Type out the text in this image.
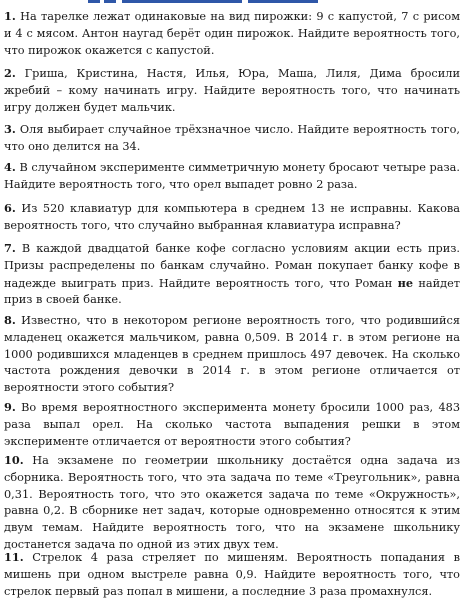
1. На тарелке лежат одинаковые на вид пирожки: 9 с капустой, 7 с рисом и 4 с мясом. Антон наугад берёт один пирожок. Найдите вероятность того, что пирожок окажется с капустой.
2. Гриша, Кристина, Настя, Илья, Юра, Маша, Лиля, Дима бросили жребий – кому начинать игру. Найдите вероятность того, что начинать игру должен будет мальчик.
3. Оля выбирает случайное трёхзначное число. Найдите вероятность того, что оно делится на 34.
4. В случайном эксперименте симметричную монету бросают четыре раза. Найдите вероятность того, что орел выпадет ровно 2 раза.
6. Из 520 клавиатур для компьютера в среднем 13 не исправны. Какова вероятность того, что случайно выбранная клавиатура исправна?
7. В каждой двадцатой банке кофе согласно условиям акции есть приз. Призы распределены по банкам случайно. Роман покупает банку кофе в надежде выиграть приз. Найдите вероятность того, что Роман не найдет приз в своей банке.
8. Известно, что в некотором регионе вероятность того, что родившийся младенец окажется мальчиком, равна 0,509. В 2014 г. в этом регионе на 1000 родившихся младенцев в среднем пришлось 497 девочек. На сколько частота рождения девочки в 2014 г. в этом регионе отличается от вероятности этого события?
9. Во время вероятностного эксперимента монету бросили 1000 раз, 483 раза выпал орел. На сколько частота выпадения решки в этом эксперименте отличается от вероятности этого события?
10. На экзамене по геометрии школьнику достаётся одна задача из сборника. Вероятность того, что эта задача по теме «Треугольник», равна 0,31. Вероятность того, что это окажется задача по теме «Окружность», равна 0,2. В сборнике нет задач, которые одновременно относятся к этим двум темам. Найдите вероятность того, что на экзамене школьнику достанется задача по одной из этих двух тем.
11. Стрелок 4 раза стреляет по мишеням. Вероятность попадания в мишень при одном выстреле равна 0,9. Найдите вероятность того, что стрелок первый раз попал в мишени, а последние 3 раза промахнулся.
